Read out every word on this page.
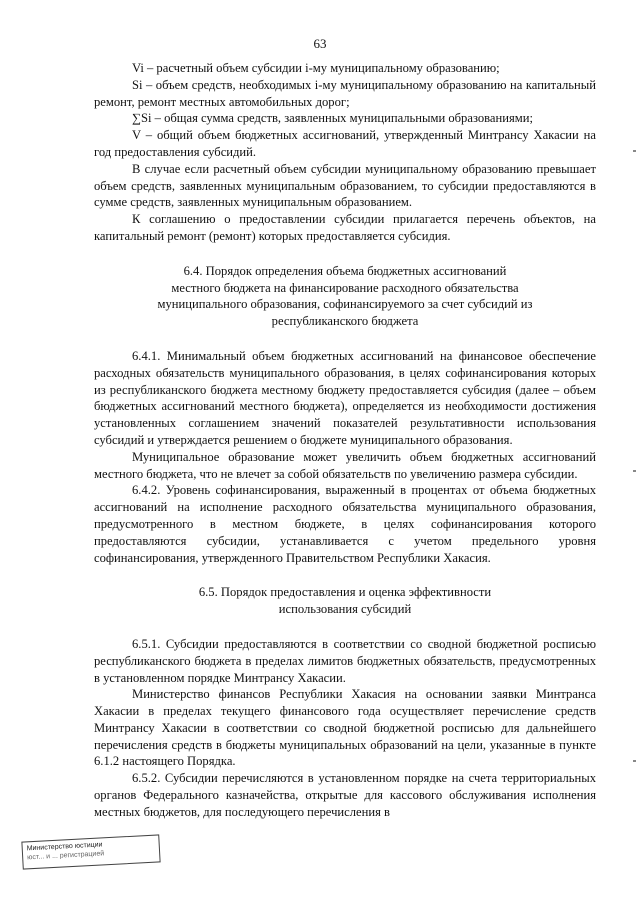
63

Vi – расчетный объем субсидии i-му муниципальному образованию;

Si – объем средств, необходимых i-му муниципальному образованию на капитальный ремонт, ремонт местных автомобильных дорог;

∑Si – общая сумма средств, заявленных муниципальными образованиями;

V – общий объем бюджетных ассигнований, утвержденный Минтрансу Хакасии на год предоставления субсидий.

В случае если расчетный объем субсидии муниципальному образованию превышает объем средств, заявленных муниципальным образованием, то субсидии предоставляются в сумме средств, заявленных муниципальным образованием.

К соглашению о предоставлении субсидии прилагается перечень объектов, на капитальный ремонт (ремонт) которых предоставляется субсидия.

6.4. Порядок определения объема бюджетных ассигнований

местного бюджета на финансирование расходного обязательства

муниципального образования, софинансируемого за счет субсидий из

республиканского бюджета

6.4.1. Минимальный объем бюджетных ассигнований на финансовое обеспечение расходных обязательств муниципального образования, в целях софинансирования которых из республиканского бюджета местному бюджету предоставляется субсидия (далее – объем бюджетных ассигнований местного бюджета), определяется из необходимости достижения установленных соглашением значений показателей результативности использования субсидий и утверждается решением о бюджете муниципального образования.

Муниципальное образование может увеличить объем бюджетных ассигнований местного бюджета, что не влечет за собой обязательств по увеличению размера субсидии.

6.4.2. Уровень софинансирования, выраженный в процентах от объема бюджетных ассигнований на исполнение расходного обязательства муниципального образования, предусмотренного в местном бюджете, в целях софинансирования которого предоставляются субсидии, устанавливается с учетом предельного уровня софинансирования, утвержденного Правительством Республики Хакасия.

6.5. Порядок предоставления и оценка эффективности

использования субсидий

6.5.1. Субсидии предоставляются в соответствии со сводной бюджетной росписью республиканского бюджета в пределах лимитов бюджетных обязательств, предусмотренных в установленном порядке Минтрансу Хакасии.

Министерство финансов Республики Хакасия на основании заявки Минтранса Хакасии в пределах текущего финансового года осуществляет перечисление средств Минтрансу Хакасии в соответствии со сводной бюджетной росписью для дальнейшего перечисления средств в бюджеты муниципальных образований на цели, указанные в пункте 6.1.2 настоящего Порядка.

6.5.2. Субсидии перечисляются в установленном порядке на счета территориальных органов Федерального казначейства, открытые для кассового обслуживания исполнения местных бюджетов, для последующего перечисления в

Министерство юстиции
юст... и ... регистрацией
